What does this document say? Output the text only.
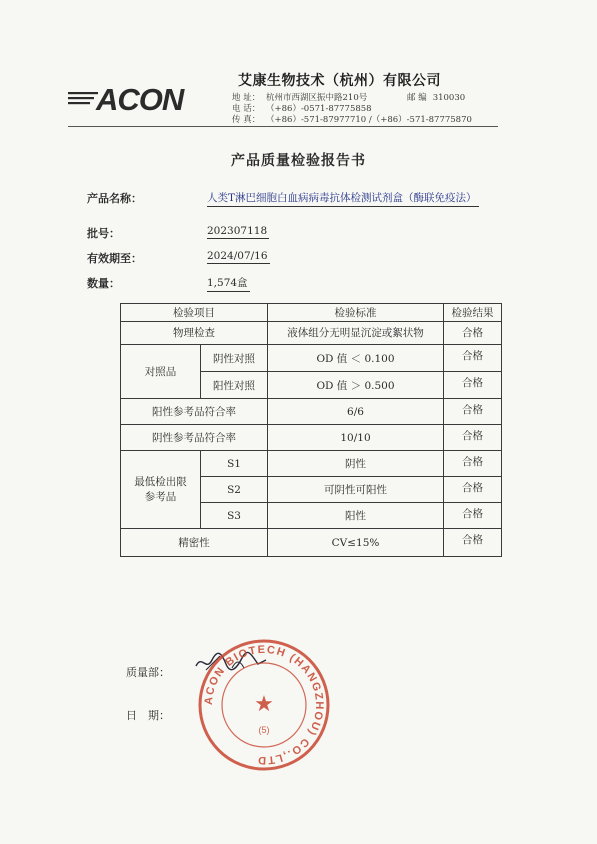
ACON
艾康生物技术（杭州）有限公司
地 址： 杭州市西湖区振中路210号	邮 编 310030
电 话： （+86）-0571-87775858
传 真： （+86）-571-87977710 /（+86）-571-87775870
产品质量检验报告书
产品名称：	人类T淋巴细胞白血病病毒抗体检测试剂盒（酶联免疫法）
批号：	202307118
有效期至：	2024/07/16
数量：	1,574盒
检验项目		检验标准	检验结果
物理检查		液体组分无明显沉淀或絮状物	合格
对照品	阴性对照	OD 值 ＜ 0.100	合格
	阳性对照	OD 值 ＞ 0.500	合格
阳性参考品符合率		6/6	合格
阴性参考品符合率		10/10	合格

最低检出限参考品	S1	阴性	合格
	S2	可阴性可阳性	合格
	S3	阳性	合格
精密性		CV≤15%	合格
质量部：
日　期：
ACON BIOTECH (HANGZHOU) CO.,LTD
★
(5)
